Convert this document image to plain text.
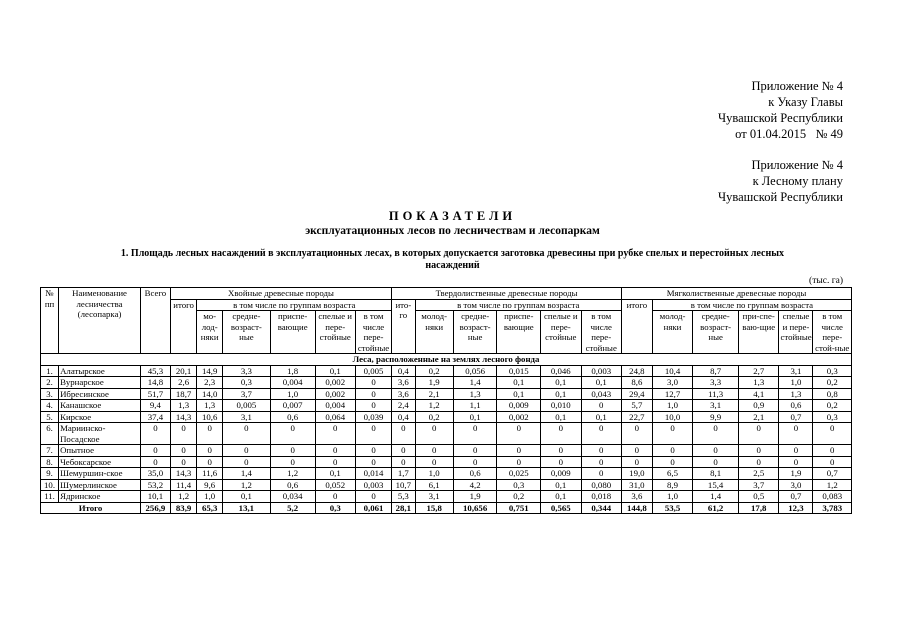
Приложение № 4
к Указу Главы
Чувашской Республики
от 01.04.2015   № 49
Приложение № 4
к Лесному плану
Чувашской Республики
ПОКАЗАТЕЛИ
эксплуатационных лесов по лесничествам и лесопаркам
1. Площадь лесных насаждений в эксплуатационных лесах, в которых допускается заготовка древесины при рубке спелых и перестойных лесных насаждений
(тыс. га)
№ пп	Наименование лесничества (лесопарка)	Всего	Хвойные древесные породы						Твердолиственные древесные породы						Мягколиственные древесные породы					
			итого	в том числе по группам возраста					ито-го	в том числе по группам возраста					итого	в том числе по группам возраста				
				мо-лод-няки	средне-возраст-ные	приспе-вающие	спелые и пере-стойные	в том числе пере-стойные		молод-няки	средне-возраст-ные	приспе-вающие	спелые и пере-стойные	в том числе пере-стойные		молод-няки	средне-возраст-ные	при-спе-ваю-щие	спелые и пере-стойные	в том числе пере-стой-ные
Леса, расположенные на землях лесного фонда																				
1.	Алатырское	45,3	20,1	14,9	3,3	1,8	0,1	0,005	0,4	0,2	0,056	0,015	0,046	0,003	24,8	10,4	8,7	2,7	3,1	0,3
2.	Вурнарское	14,8	2,6	2,3	0,3	0,004	0,002	0	3,6	1,9	1,4	0,1	0,1	0,1	8,6	3,0	3,3	1,3	1,0	0,2
3.	Ибресинское	51,7	18,7	14,0	3,7	1,0	0,002	0	3,6	2,1	1,3	0,1	0,1	0,043	29,4	12,7	11,3	4,1	1,3	0,8
4.	Канашское	9,4	1,3	1,3	0,005	0,007	0,004	0	2,4	1,2	1,1	0,009	0,010	0	5,7	1,0	3,1	0,9	0,6	0,2
5.	Кирское	37,4	14,3	10,6	3,1	0,6	0,064	0,039	0,4	0,2	0,1	0,002	0,1	0,1	22,7	10,0	9,9	2,1	0,7	0,3
6.	Мариинско-Посадское	0	0	0	0	0	0	0	0	0	0	0	0	0	0	0	0	0	0	0
7.	Опытное	0	0	0	0	0	0	0	0	0	0	0	0	0	0	0	0	0	0	0
8.	Чебоксарское	0	0	0	0	0	0	0	0	0	0	0	0	0	0	0	0	0	0	0
9.	Шемуршин-ское	35,0	14,3	11,6	1,4	1,2	0,1	0,014	1,7	1,0	0,6	0,025	0,009	0	19,0	6,5	8,1	2,5	1,9	0,7
10.	Шумерлинское	53,2	11,4	9,6	1,2	0,6	0,052	0,003	10,7	6,1	4,2	0,3	0,1	0,080	31,0	8,9	15,4	3,7	3,0	1,2
11.	Ядринское	10,1	1,2	1,0	0,1	0,034	0	0	5,3	3,1	1,9	0,2	0,1	0,018	3,6	1,0	1,4	0,5	0,7	0,083
Итого		256,9	83,9	65,3	13,1	5,2	0,3	0,061	28,1	15,8	10,656	0,751	0,565	0,344	144,8	53,5	61,2	17,8	12,3	3,783
